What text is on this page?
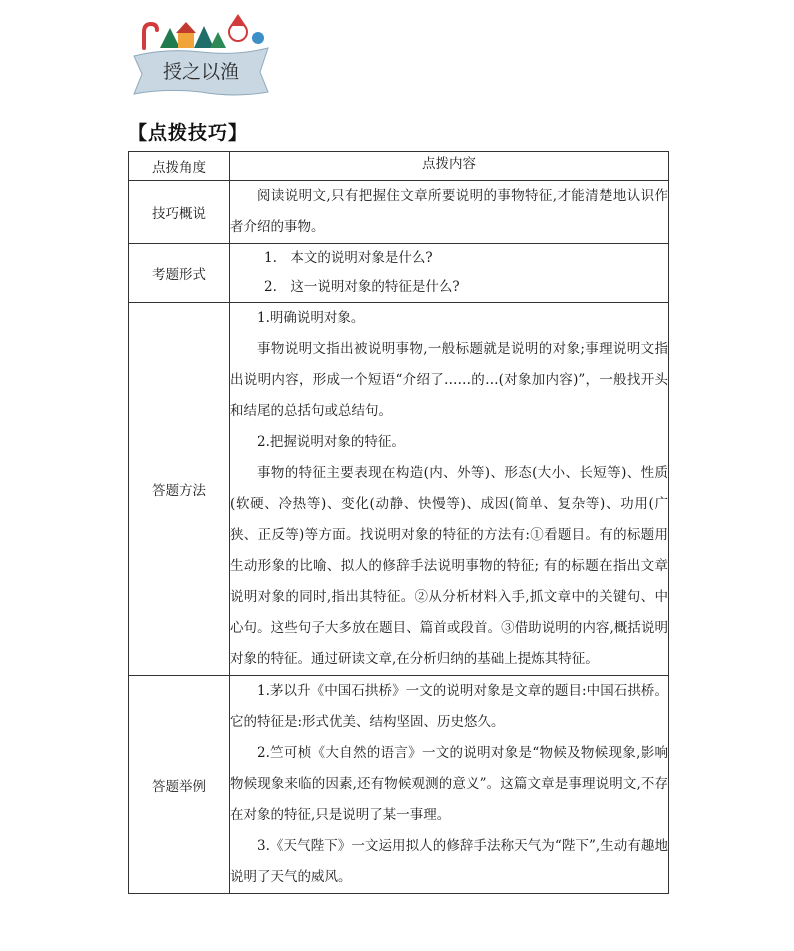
授之以渔
【点拨技巧】
点拨角度	点拨内容
技巧概说	阅读说明文,只有把握住文章所要说明的事物特征,才能清楚地认识作者介绍的事物。

考题形式	1.　本文的说明对象是什么?

2.　这一说明对象的特征是什么?

答题方法	1.明确说明对象。

事物说明文指出被说明事物,一般标题就是说明的对象;事理说明文指出说明内容，形成一个短语“介绍了……的…(对象加内容)”，一般找开头和结尾的总括句或总结句。

2.把握说明对象的特征。

事物的特征主要表现在构造(内、外等)、形态(大小、长短等)、性质(软硬、冷热等)、变化(动静、快慢等)、成因(简单、复杂等)、功用(广狭、正反等)等方面。找说明对象的特征的方法有:①看题目。有的标题用生动形象的比喻、拟人的修辞手法说明事物的特征; 有的标题在指出文章说明对象的同时,指出其特征。②从分析材料入手,抓文章中的关键句、中心句。这些句子大多放在题目、篇首或段首。③借助说明的内容,概括说明对象的特征。通过研读文章,在分析归纳的基础上提炼其特征。

答题举例	1.茅以升《中国石拱桥》一文的说明对象是文章的题目:中国石拱桥。它的特征是:形式优美、结构坚固、历史悠久。

2.竺可桢《大自然的语言》一文的说明对象是“物候及物候现象,影响物候现象来临的因素,还有物候观测的意义”。这篇文章是事理说明文,不存在对象的特征,只是说明了某一事理。

3.《天气陛下》一文运用拟人的修辞手法称天气为“陛下”,生动有趣地说明了天气的威风。
